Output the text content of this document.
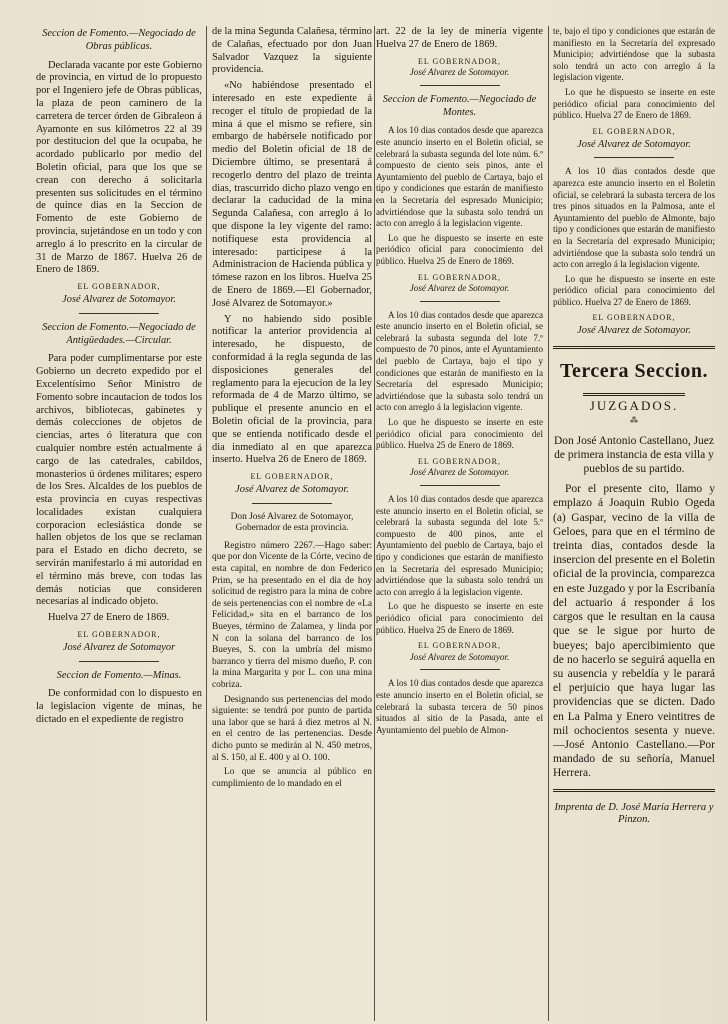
Seccion de Fomento.—Negociado de Obras públicas.

Declarada vacante por este Gobierno de provincia, en virtud de lo propuesto por el Ingeniero jefe de Obras públicas, la plaza de peon caminero de la carretera de tercer órden de Gibraleon á Ayamonte en sus kilómetros 22 al 39 por destitucion del que la ocupaba, he acordado publicarlo por medio del Boletin oficial, para que los que se crean con derecho á solicitarla presenten sus solicitudes en el término de quince dias en la Seccion de Fomento de este Gobierno de provincia, sujetándose en un todo y con arreglo á lo prescrito en la circular de 31 de Marzo de 1867. Huelva 26 de Enero de 1869.

EL GOBERNADOR,

José Alvarez de Sotomayor.

Seccion de Fomento.—Negociado de Antigüedades.—Circular.

Para poder cumplimentarse por este Gobierno un decreto expedido por el Excelentísimo Señor Ministro de Fomento sobre incautacion de todos los archivos, bibliotecas, gabinetes y demás colecciones de objetos de ciencias, artes ó literatura que con cualquier nombre estén actualmente á cargo de las catedrales, cabildos, monasterios ú órdenes militares; espero de los Sres. Alcaldes de los pueblos de esta provincia en cuyas respectivas localidades existan cualquiera corporacion eclesiástica donde se hallen objetos de los que se reclaman para el Estado en dicho decreto, se servirán manifestarlo á mi autoridad en el término más breve, con todas las demás noticias que consideren necesarias al indicado objeto.

Huelva 27 de Enero de 1869.

EL GOBERNADOR,

José Alvarez de Sotomayor

Seccion de Fomento.—Minas.

De conformidad con lo dispuesto en la legislacion vigente de minas, he dictado en el expediente de registro

de la mina Segunda Calañesa, término de Calañas, efectuado por don Juan Salvador Vazquez la siguiente providencia.

«No habiéndose presentado el interesado en este expediente á recoger el título de propiedad de la mina á que el mismo se refiere, sin embargo de habérsele notificado por medio del Boletin oficial de 18 de Diciembre último, se presentará á recogerlo dentro del plazo de treinta dias, trascurrido dicho plazo vengo en declarar la caducidad de la mina Segunda Calañesa, con arreglo á lo que dispone la ley vigente del ramo: notifíquese esta providencia al interesado: participese á la Administracion de Hacienda pública y tómese razon en los libros. Huelva 25 de Enero de 1869.—El Gobernador, José Alvarez de Sotomayor.»

Y no habiendo sido posible notificar la anterior providencia al interesado, he dispuesto, de conformidad á la regla segunda de las disposiciones generales del reglamento para la ejecucion de la ley reformada de 4 de Marzo último, se publique el presente anuncio en el Boletin oficial de la provincia, para que se entienda notificado desde el dia inmediato al en que aparezca inserto. Huelva 26 de Enero de 1869.

EL GOBERNADOR,

José Alvarez de Sotomayor.

Don José Alvarez de Sotomayor, Gobernador de esta provincia.

Registro número 2267.—Hago saber: que por don Vicente de la Córte, vecino de esta capital, en nombre de don Federico Prim, se ha presentado en el dia de hoy solicitud de registro para la mina de cobre de seis pertenencias con el nombre de «La Felicidad,» sita en el barranco de los Bueyes, término de Zalamea, y linda por N con la solana del barranco de los Bueyes, S. con la umbría del mismo barranco y tierra del mismo dueño, P. con la mina Margarita y por L. con una mina cobriza.

Designando sus pertenencias del modo siguiente: se tendrá por punto de partida una labor que se hará á diez metros al N. en el centro de las pertenencias. Desde dicho punto se medirán al N. 450 metros, al S. 150, al E. 400 y al O. 100.

Lo que se anuncia al público en cumplimiento de lo mandado en el

art. 22 de la ley de minería vigente Huelva 27 de Enero de 1869.

EL GOBERNADOR,

José Alvarez de Sotomayor.

Seccion de Fomento.—Negociado de Montes.

A los 10 dias contados desde que aparezca este anuncio inserto en el Boletin oficial, se celebrará la subasta segunda del lote núm. 6.º compuesto de ciento seis pinos, ante el Ayuntamiento del pueblo de Cartaya, bajo el tipo y condiciones que estarán de manifiesto en la Secretaría del espresado Municipio; advirtiéndose que la subasta solo tendrá un acto con arreglo á la legislacion vigente.

Lo que he dispuesto se inserte en este periódico oficial para conocimiento del público. Huelva 25 de Enero de 1869.

EL GOBERNADOR,

José Alvarez de Sotomayor.

A los 10 dias contados desde que aparezca este anuncio inserto en el Boletin oficial, se celebrará la subasta segunda del lote 7.º compuesto de 70 pinos, ante el Ayuntamiento del pueblo de Cartaya, bajo el tipo y condiciones que estarán de manifiesto en la Secretaría del espresado Municipio; advirtiéndose que la subasta solo tendrá un acto con arreglo á la legislacion vigente.

Lo que he dispuesto se inserte en este periódico oficial para conocimiento del público. Huelva 25 de Enero de 1869.

EL GOBERNADOR,

José Alvarez de Sotomayor.

A los 10 dias contados desde que aparezca este anuncio inserto en el Boletin oficial, se celebrará la subasta segunda del lote 5.º compuesto de 400 pinos, ante el Ayuntamiento del pueblo de Cartaya, bajo el tipo y condiciones que estarán de manifiesto en la Secretaría del espresado Municipio; advirtiéndose que la subasta solo tendrá un acto con arreglo á la legislacion vigente.

Lo que he dispuesto se inserte en este periódico oficial para conocimiento del público. Huelva 25 de Enero de 1869.

EL GOBERNADOR,

José Alvarez de Sotomayor.

A los 10 dias contados desde que aparezca este anuncio inserto en el Boletin oficial, se celebrará la subasta tercera de 50 pinos situados al sitio de la Pasada, ante el Ayuntamiento del pueblo de Almon-

te, bajo el tipo y condiciones que estarán de manifiesto en la Secretaría del expresado Municipio; advirtiéndose que la subasta solo tendrá un acto con arreglo á la legislacion vigente.

Lo que he dispuesto se inserte en este periódico oficial para conocimiento del público. Huelva 27 de Enero de 1869.

EL GOBERNADOR,

José Alvarez de Sotomayor.

A los 10 dias contados desde que aparezca este anuncio inserto en el Boletin oficial, se celebrará la subasta tercera de los tres pinos situados en la Palmosa, ante el Ayuntamiento del pueblo de Almonte, bajo tipo y condiciones que estarán de manifiesto en la Secretaría del expresado Municipio; advirtiéndose que la subasta solo tendrá un acto con arreglo á la legislacion vigente.

Lo que he dispuesto se inserte en este periódico oficial para conocimiento del público. Huelva 27 de Enero de 1869.

EL GOBERNADOR,

José Alvarez de Sotomayor.

Tercera Seccion.

JUZGADOS.

⁂

Don José Antonio Castellano, Juez de primera instancia de esta villa y pueblos de su partido.

Por el presente cito, llamo y emplazo á Joaquin Rubio Ogeda (a) Gaspar, vecino de la villa de Geloes, para que en el término de treinta dias, contados desde la insercion del presente en el Boletin oficial de la provincia, comparezca en este Juzgado y por la Escribanía del actuario á responder á los cargos que le resultan en la causa que se le sigue por hurto de bueyes; bajo apercibimiento que de no hacerlo se seguirá aquella en su ausencia y rebeldía y le parará el perjuicio que haya lugar las providencias que se dicten. Dado en La Palma y Enero veintitres de mil ochocientos sesenta y nueve.—José Antonio Castellano.—Por mandado de su señoría, Manuel Herrera.

Imprenta de D. José María Herrera y Pinzon.
